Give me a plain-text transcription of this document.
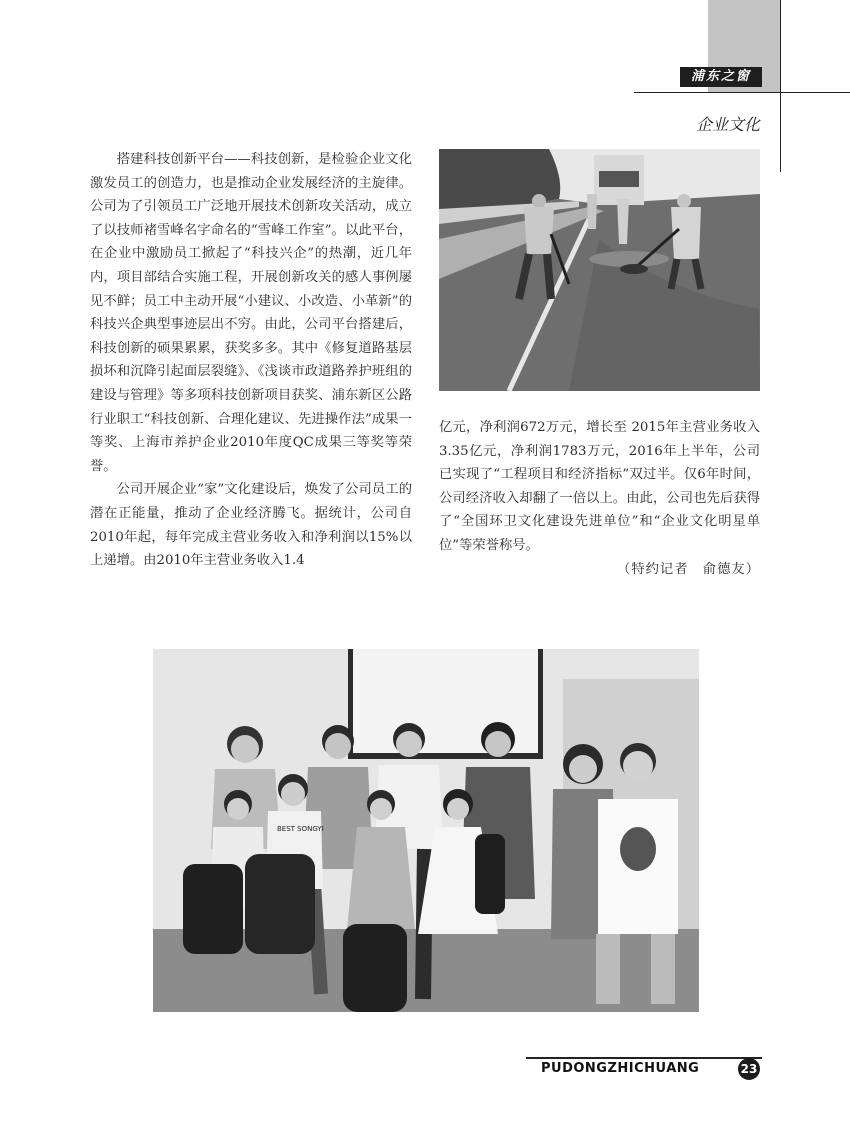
浦东之窗
企业文化

搭建科技创新平台——科技创新，是检验企业文化激发员工的创造力，也是推动企业发展经济的主旋律。公司为了引领员工广泛地开展技术创新攻关活动，成立了以技师褚雪峰名字命名的“雪峰工作室”。以此平台，在企业中激励员工掀起了“科技兴企”的热潮，近几年内，项目部结合实施工程，开展创新攻关的感人事例屡见不鲜；员工中主动开展“小建议、小改造、小革新”的科技兴企典型事迹层出不穷。由此，公司平台搭建后，科技创新的硕果累累，获奖多多。其中《修复道路基层损坏和沉降引起面层裂缝》、《浅谈市政道路养护班组的建设与管理》等多项科技创新项目获奖、浦东新区公路行业职工“科技创新、合理化建议、先进操作法”成果一等奖、上海市养护企业2010年度QC成果三等奖等荣誉。

公司开展企业“家”文化建设后，焕发了公司员工的潜在正能量，推动了企业经济腾飞。据统计，公司自2010年起，每年完成主营业务收入和净利润以15%以上递增。由2010年主营业务收入1.4

亿元，净利润672万元，增长至 2015年主营业务收入3.35亿元，净利润1783万元，2016年上半年，公司已实现了“工程项目和经济指标”双过半。仅6年时间，公司经济收入却翻了一倍以上。由此，公司也先后获得了“全国环卫文化建设先进单位”和“企业文化明星单位”等荣誉称号。

（特约记者　俞德友）

BEST SONGYI
PUDONGZHICHUANG	23
